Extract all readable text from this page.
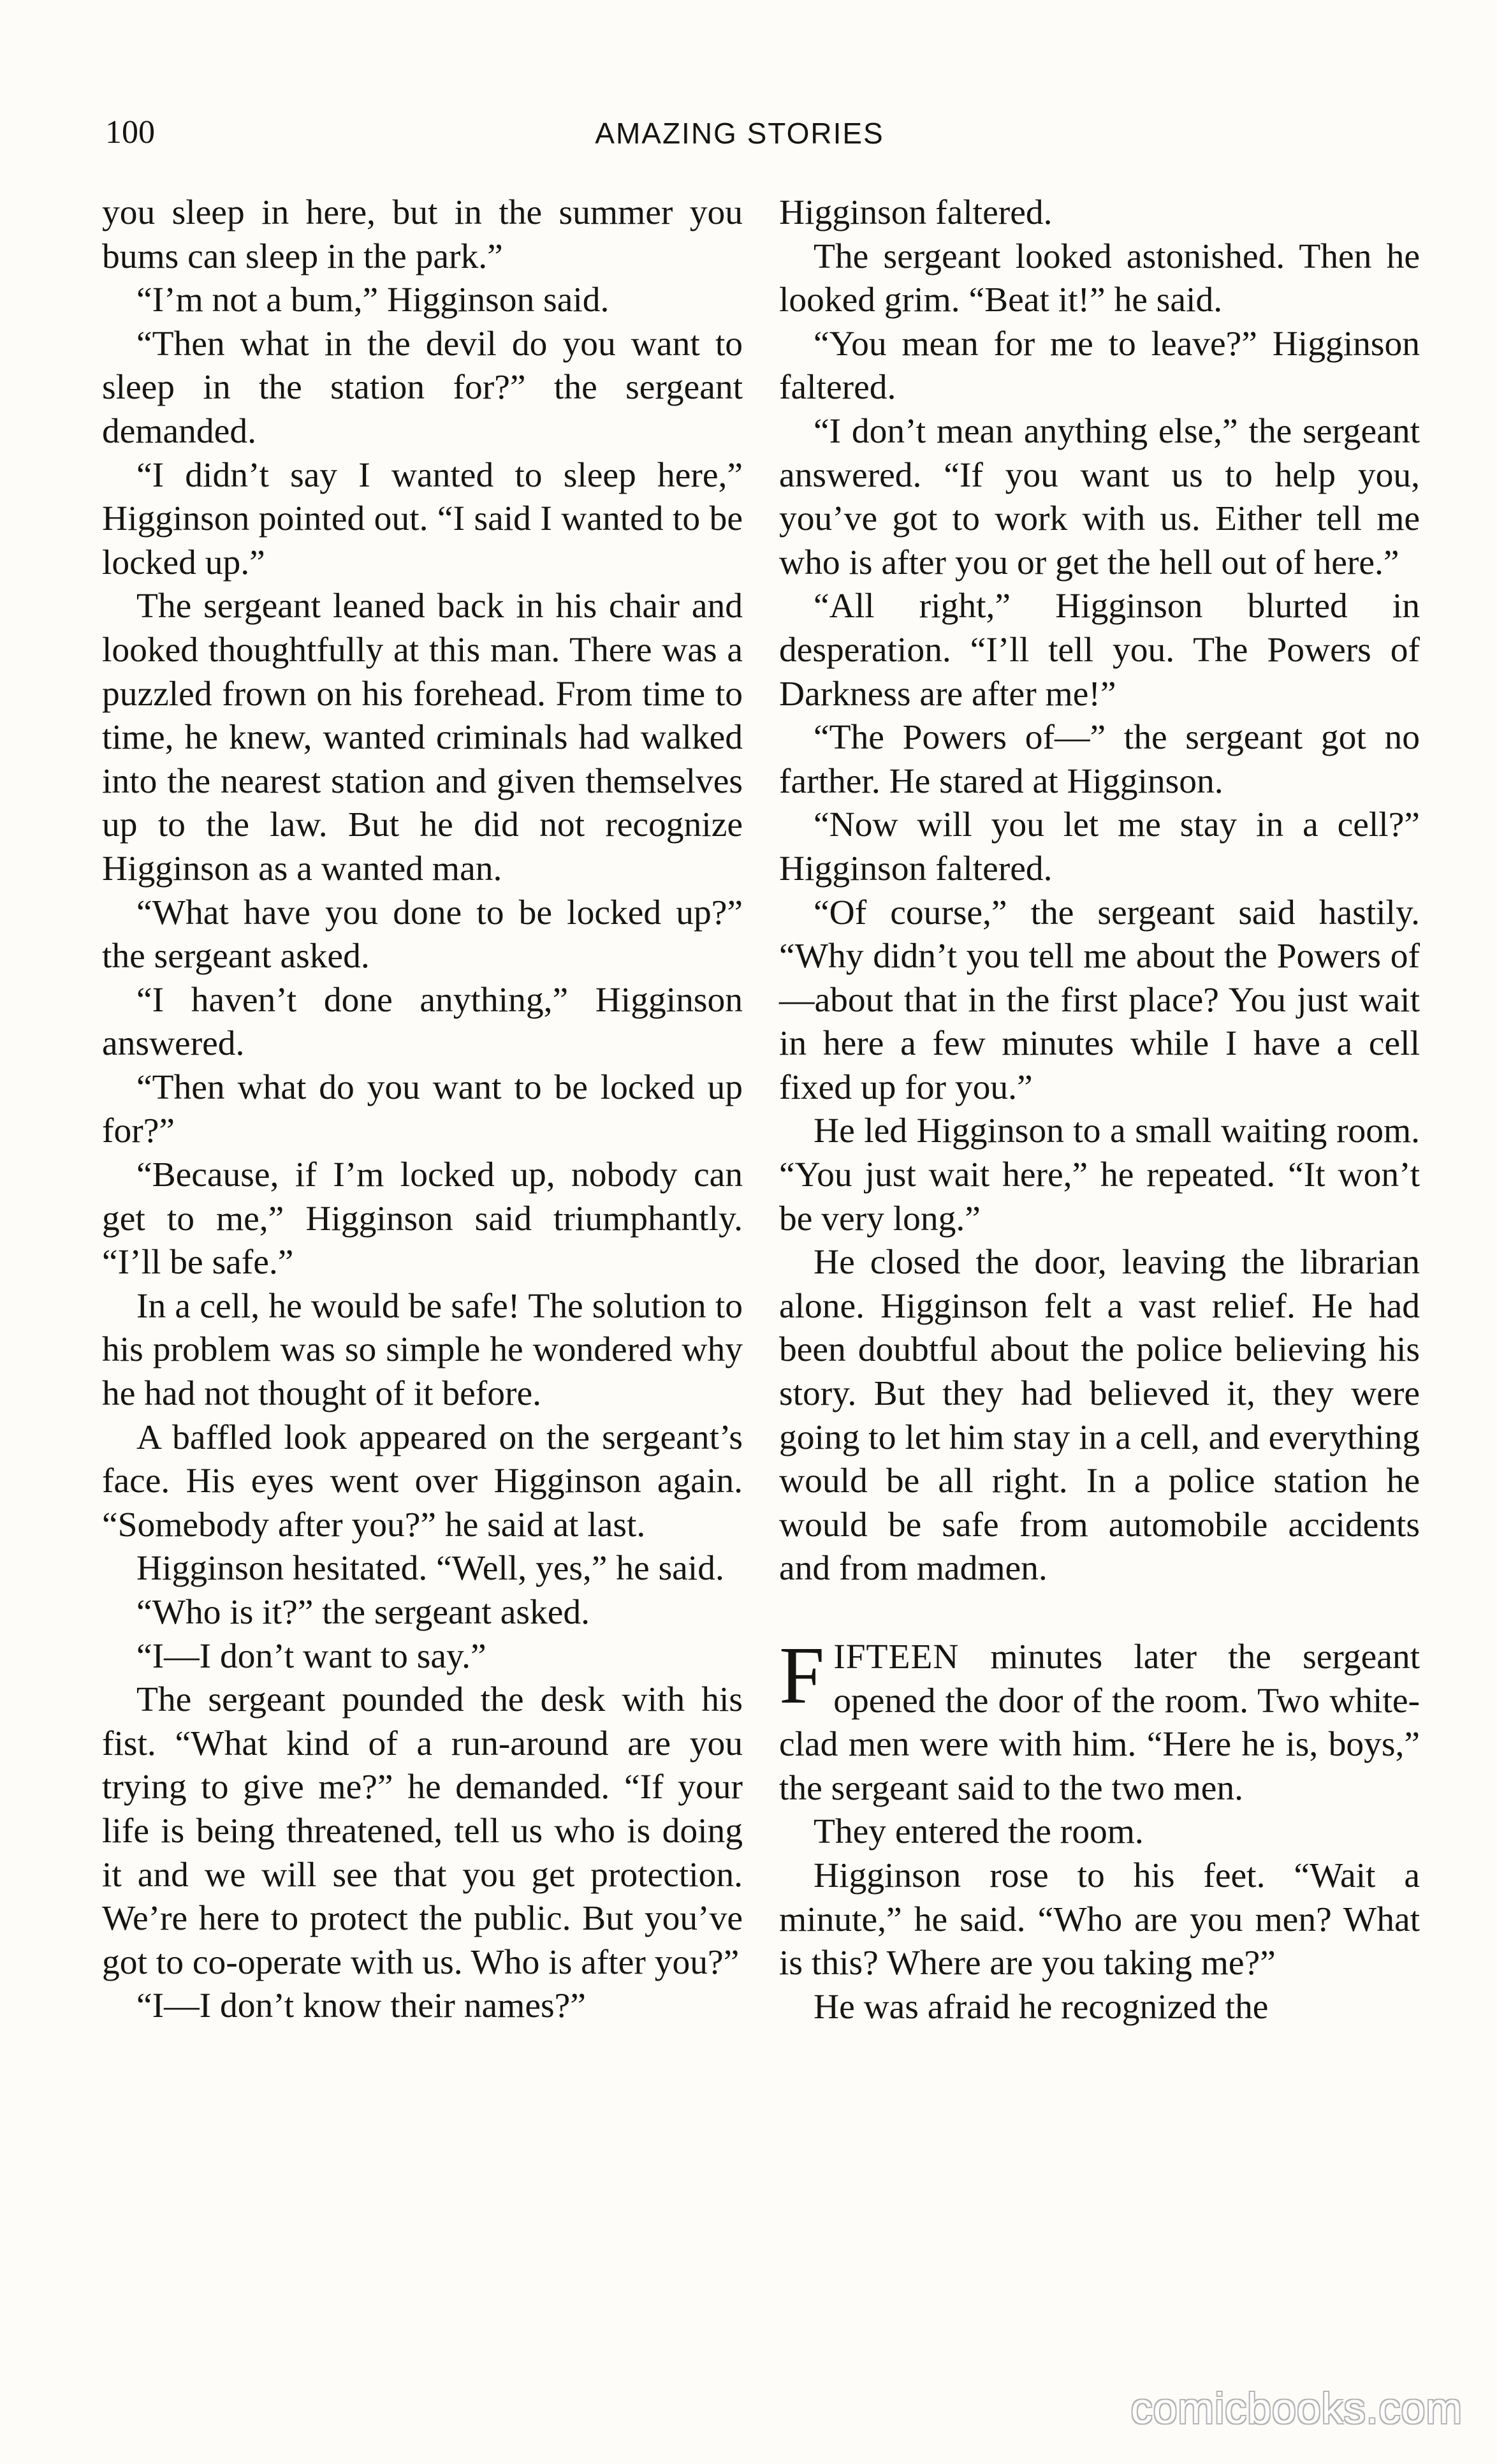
100	AMAZING STORIES

you sleep in here, but in the summer you bums can sleep in the park.”

“I’m not a bum,” Higginson said.

“Then what in the devil do you want to sleep in the station for?” the sergeant demanded.

“I didn’t say I wanted to sleep here,” Higginson pointed out. “I said I wanted to be locked up.”

The sergeant leaned back in his chair and looked thoughtfully at this man. There was a puzzled frown on his forehead. From time to time, he knew, wanted criminals had walked into the nearest station and given themselves up to the law. But he did not recognize Higginson as a wanted man.

“What have you done to be locked up?” the sergeant asked.

“I haven’t done anything,” Higginson answered.

“Then what do you want to be locked up for?”

“Because, if I’m locked up, nobody can get to me,” Higginson said triumphantly. “I’ll be safe.”

In a cell, he would be safe! The solution to his problem was so simple he wondered why he had not thought of it before.

A baffled look appeared on the sergeant’s face. His eyes went over Higginson again. “Somebody after you?” he said at last.

Higginson hesitated. “Well, yes,” he said.

“Who is it?” the sergeant asked.

“I—I don’t want to say.”

The sergeant pounded the desk with his fist. “What kind of a run-around are you trying to give me?” he demanded. “If your life is being threatened, tell us who is doing it and we will see that you get protection. We’re here to protect the public. But you’ve got to co-operate with us. Who is after you?”

“I—I don’t know their names?”

Higginson faltered.

The sergeant looked astonished. Then he looked grim. “Beat it!” he said.

“You mean for me to leave?” Higginson faltered.

“I don’t mean anything else,” the sergeant answered. “If you want us to help you, you’ve got to work with us. Either tell me who is after you or get the hell out of here.”

“All right,” Higginson blurted in desperation. “I’ll tell you. The Powers of Darkness are after me!”

“The Powers of—” the sergeant got no farther. He stared at Higginson.

“Now will you let me stay in a cell?” Higginson faltered.

“Of course,” the sergeant said hastily. “Why didn’t you tell me about the Powers of—about that in the first place? You just wait in here a few minutes while I have a cell fixed up for you.”

He led Higginson to a small waiting room. “You just wait here,” he repeated. “It won’t be very long.”

He closed the door, leaving the librarian alone. Higginson felt a vast relief. He had been doubtful about the police believing his story. But they had believed it, they were going to let him stay in a cell, and everything would be all right. In a police station he would be safe from automobile accidents and from madmen.

FIFTEEN minutes later the sergeant opened the door of the room. Two white-clad men were with him. “Here he is, boys,” the sergeant said to the two men.

They entered the room.

Higginson rose to his feet. “Wait a minute,” he said. “Who are you men? What is this? Where are you taking me?”

He was afraid he recognized the

comicbooks.com
